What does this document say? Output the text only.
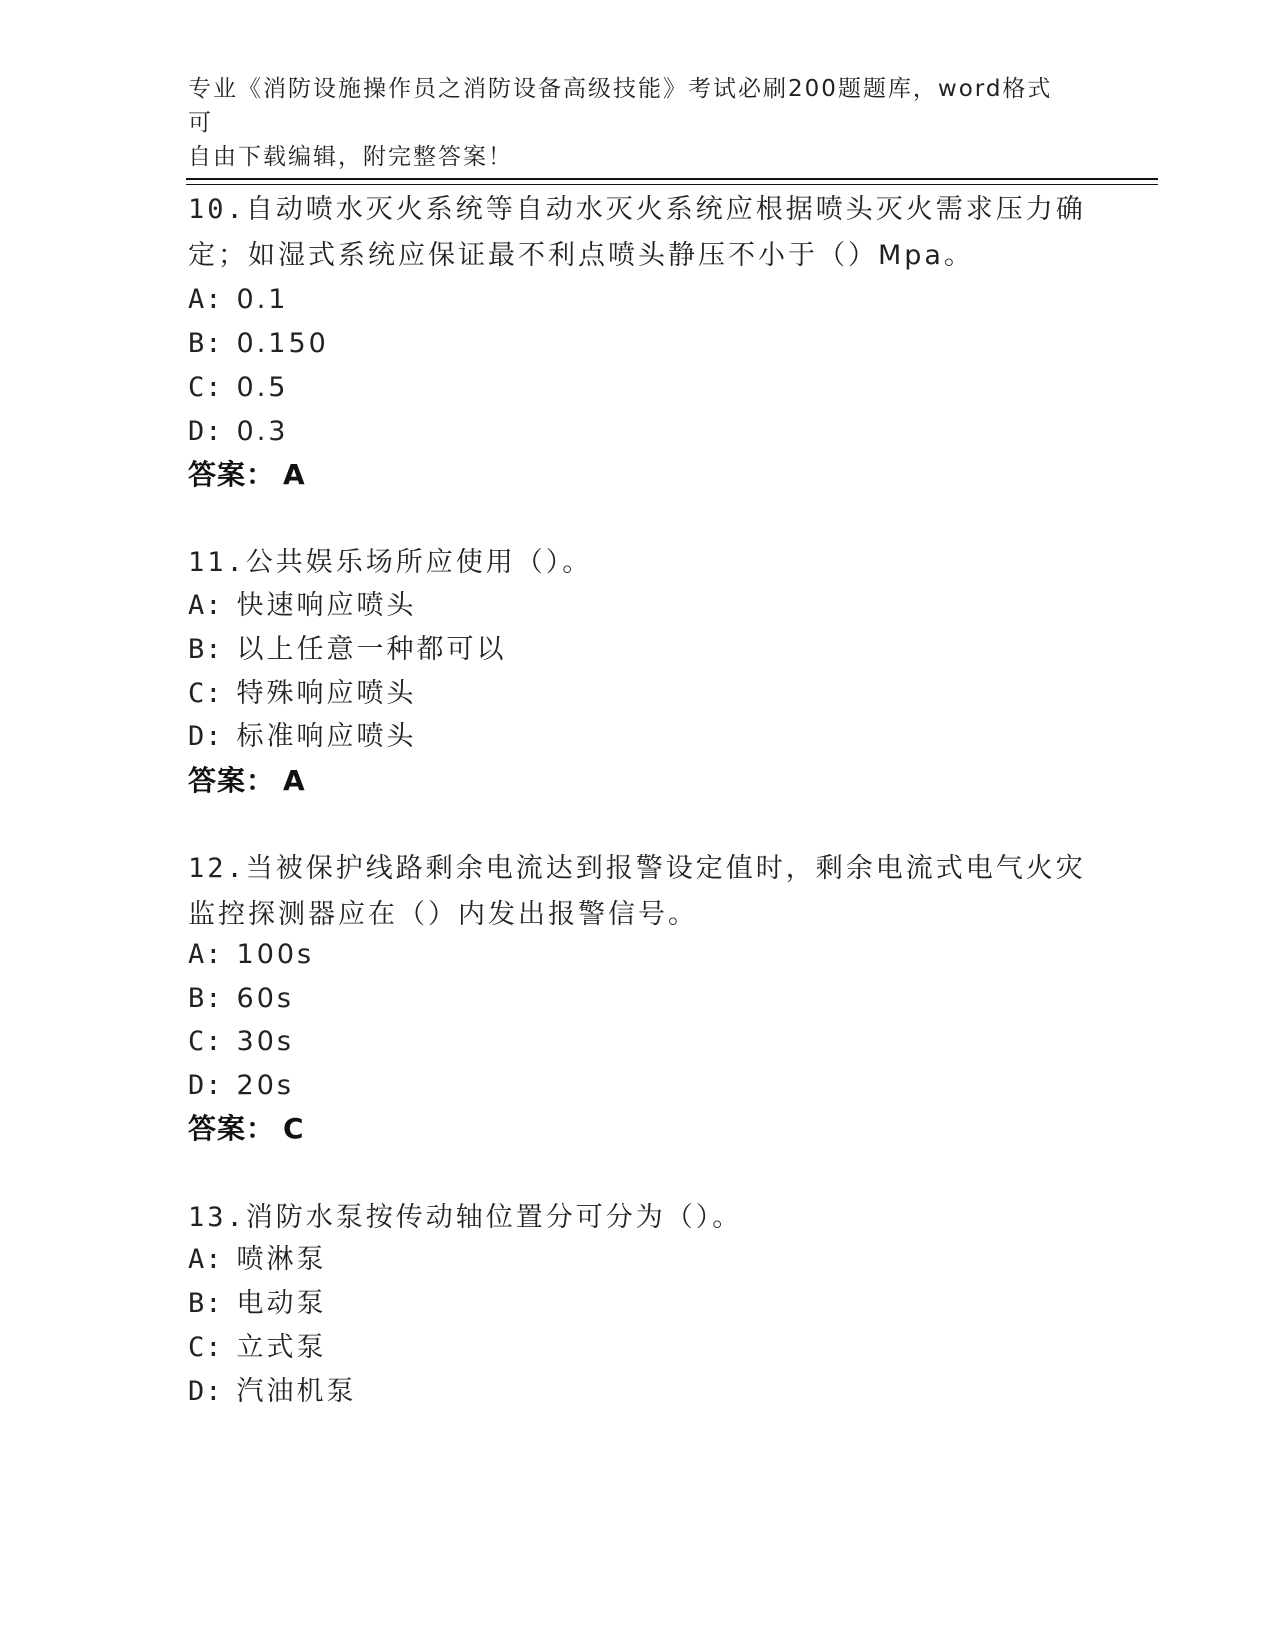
专业《消防设施操作员之消防设备高级技能》考试必刷200题题库，word格式可
自由下载编辑，附完整答案！
10.自动喷水灭火系统等自动水灭火系统应根据喷头灭火需求压力确定；如湿式系统应保证最不利点喷头静压不小于（）Mpa。
A: 0.1
B: 0.150
C: 0.5
D: 0.3
答案： A
11.公共娱乐场所应使用（）。
A: 快速响应喷头
B: 以上任意一种都可以
C: 特殊响应喷头
D: 标准响应喷头
答案： A
12.当被保护线路剩余电流达到报警设定值时，剩余电流式电气火灾监控探测器应在（）内发出报警信号。
A: 100s
B: 60s
C: 30s
D: 20s
答案： C
13.消防水泵按传动轴位置分可分为（）。
A: 喷淋泵
B: 电动泵
C: 立式泵
D: 汽油机泵
